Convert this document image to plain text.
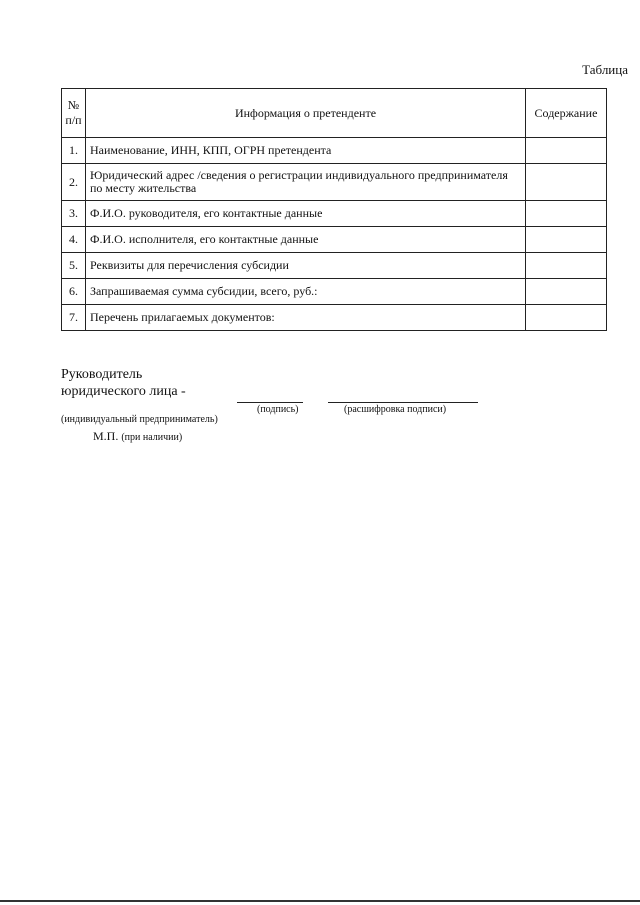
Таблица
№ п/п	Информация о претенденте	Содержание
1.	Наименование, ИНН, КПП, ОГРН претендента	
2.	Юридический адрес /сведения о регистрации индивидуального предпринимателя по месту жительства	
3.	Ф.И.О. руководителя, его контактные данные	
4.	Ф.И.О. исполнителя, его контактные данные	
5.	Реквизиты для перечисления субсидии	
6.	Запрашиваемая сумма субсидии, всего, руб.:	
7.	Перечень прилагаемых документов:	
Руководитель
юридического лица -
(подпись)	(расшифровка подписи)
(индивидуальный предприниматель)
М.П. (при наличии)
